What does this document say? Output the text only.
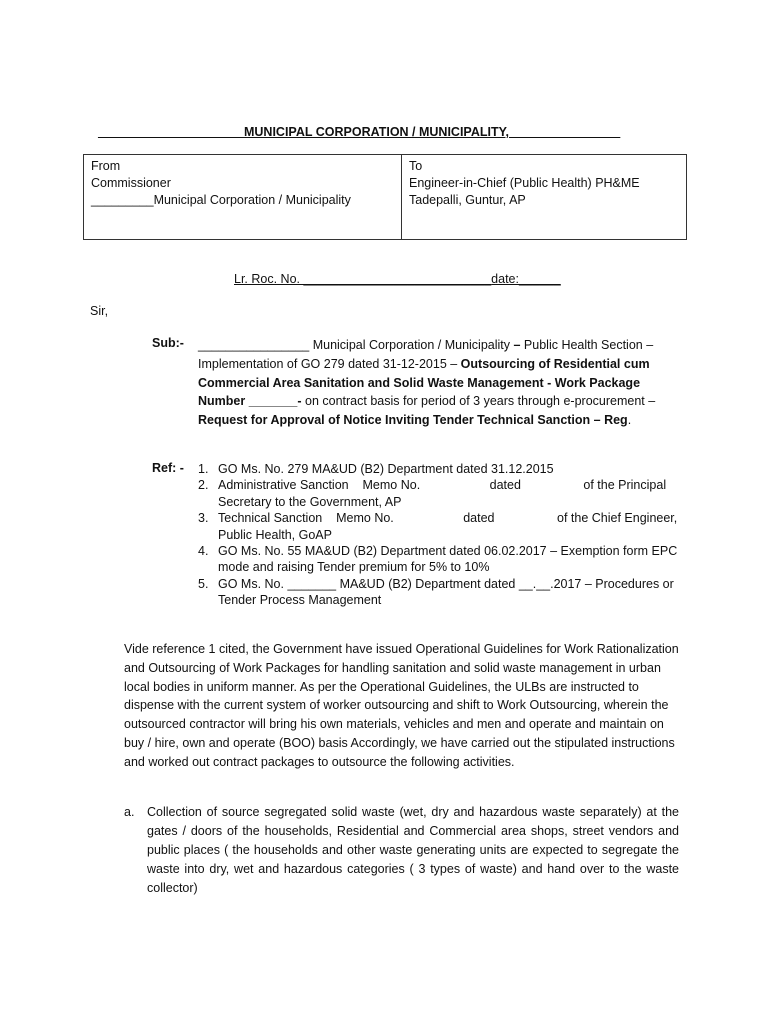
_____________________MUNICIPAL CORPORATION / MUNICIPALITY, ______________ _
From
Commissioner
_________Municipal Corporation / Municipality
To
Engineer-in-Chief (Public Health) PH&ME
Tadepalli, Guntur, AP
Lr. Roc. No. ___________________________date:______
Sir,
Sub:- ________________ Municipal Corporation / Municipality – Public Health Section – Implementation of GO 279 dated 31-12-2015 – Outsourcing of Residential cum Commercial Area Sanitation and Solid Waste Management - Work Package Number _______- on contract basis for period of 3 years through e-procurement – Request for Approval of Notice Inviting Tender Technical Sanction – Reg.
Ref: - 1. GO Ms. No. 279 MA&UD (B2) Department dated 31.12.2015
2. Administrative Sanction    Memo No.                    dated                  of the Principal Secretary to the Government, AP
3. Technical Sanction    Memo No.                    dated                  of the Chief Engineer, Public Health, GoAP
4. GO Ms. No. 55 MA&UD (B2) Department dated 06.02.2017 – Exemption form EPC mode and raising Tender premium for 5% to 10%
5. GO Ms. No. _______ MA&UD (B2) Department dated __.__.2017 – Procedures or Tender Process Management
Vide reference 1 cited, the Government have issued Operational Guidelines for Work Rationalization and Outsourcing of Work Packages for handling sanitation and solid waste management in urban local bodies in uniform manner. As per the Operational Guidelines, the ULBs are instructed to dispense with the current system of worker outsourcing and shift to Work Outsourcing, wherein the outsourced contractor will bring his own materials, vehicles and men and operate and maintain on buy / hire, own and operate (BOO) basis Accordingly, we have carried out the stipulated instructions and worked out contract packages to outsource the following activities.
a.	Collection of source segregated solid waste (wet, dry and hazardous waste separately) at the gates / doors of the households, Residential and Commercial area shops, street vendors and public places ( the households and other waste generating units are expected to segregate the waste into dry, wet and hazardous categories ( 3 types of waste) and hand over to the waste collector)
